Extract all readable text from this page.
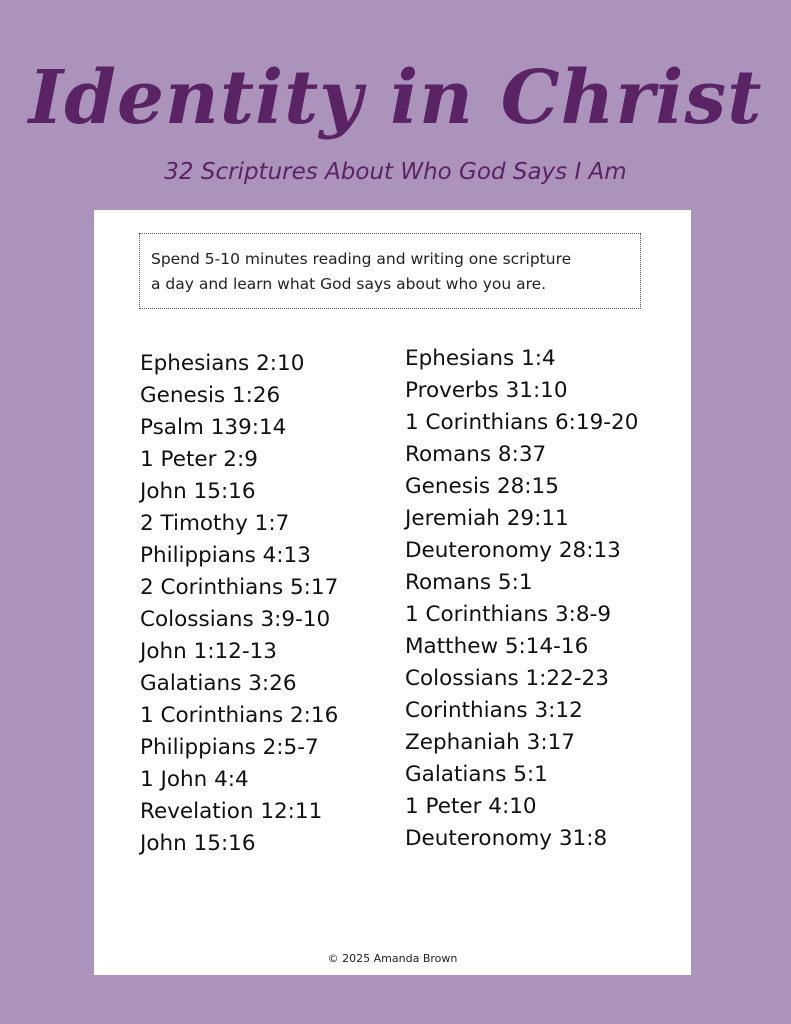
Identity in Christ
32 Scriptures About Who God Says I Am
Spend 5-10 minutes reading and writing one scripture
a day and learn what God says about who you are.
Ephesians 2:10
Genesis 1:26
Psalm 139:14
1 Peter 2:9
John 15:16
2 Timothy 1:7
Philippians 4:13
2 Corinthians 5:17
Colossians 3:9-10
John 1:12-13
Galatians 3:26
1 Corinthians 2:16
Philippians 2:5-7
1 John 4:4
Revelation 12:11
John 15:16
Ephesians 1:4
Proverbs 31:10
1 Corinthians 6:19-20
Romans 8:37
Genesis 28:15
Jeremiah 29:11
Deuteronomy 28:13
Romans 5:1
1 Corinthians 3:8-9
Matthew 5:14-16
Colossians 1:22-23
Corinthians 3:12
Zephaniah 3:17
Galatians 5:1
1 Peter 4:10
Deuteronomy 31:8
© 2025 Amanda Brown
